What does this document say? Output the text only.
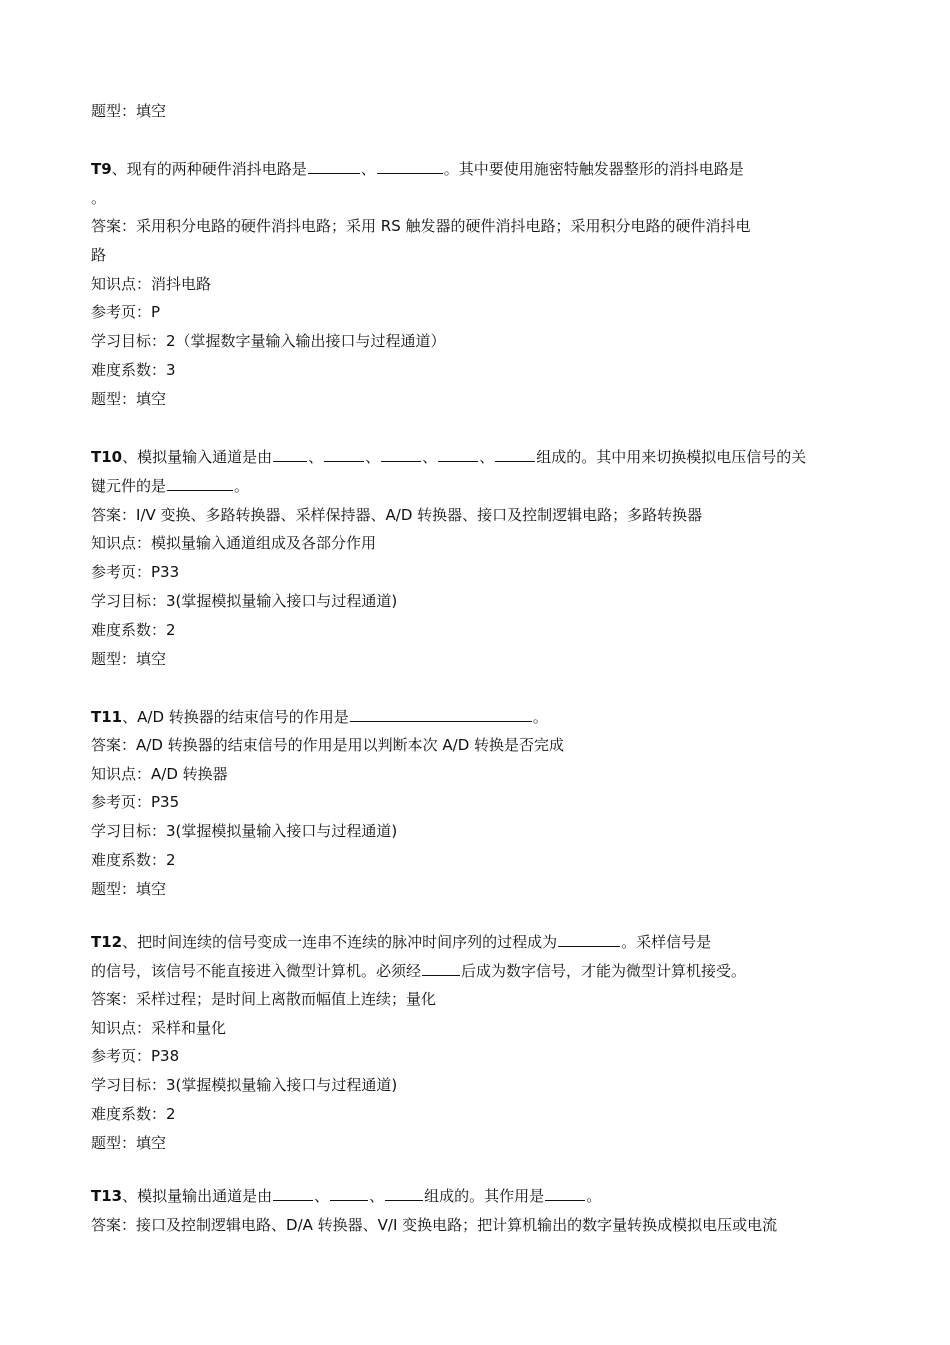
题型：填空
T9、现有的两种硬件消抖电路是	、	。其中要使用施密特触发器整形的消抖电路是
。
答案：采用积分电路的硬件消抖电路；采用 RS 触发器的硬件消抖电路；采用积分电路的硬件消抖电
路
知识点：消抖电路
参考页：P
学习目标：2（掌握数字量输入输出接口与过程通道）
难度系数：3
题型：填空
T10、模拟量输入通道是由 、	、	、	、	组成的。其中用来切换模拟电压信号的关
键元件的是	。
答案：I/V 变换、多路转换器、采样保持器、A/D 转换器、接口及控制逻辑电路；多路转换器
知识点：模拟量输入通道组成及各部分作用
参考页：P33
学习目标：3(掌握模拟量输入接口与过程通道)
难度系数：2
题型：填空
T11、A/D 转换器的结束信号的作用是	。
答案：A/D 转换器的结束信号的作用是用以判断本次 A/D 转换是否完成
知识点：A/D 转换器
参考页：P35
学习目标：3(掌握模拟量输入接口与过程通道)
难度系数：2
题型：填空
T12、把时间连续的信号变成一连串不连续的脉冲时间序列的过程成为	。采样信号是
的信号，该信号不能直接进入微型计算机。必须经	后成为数字信号，才能为微型计算机接受。
答案：采样过程；是时间上离散而幅值上连续；量化
知识点：采样和量化
参考页：P38
学习目标：3(掌握模拟量输入接口与过程通道)
难度系数：2
题型：填空
T13、模拟量输出通道是由	、	、	组成的。其作用是	。
答案：接口及控制逻辑电路、D/A 转换器、V/I 变换电路；把计算机输出的数字量转换成模拟电压或电流
